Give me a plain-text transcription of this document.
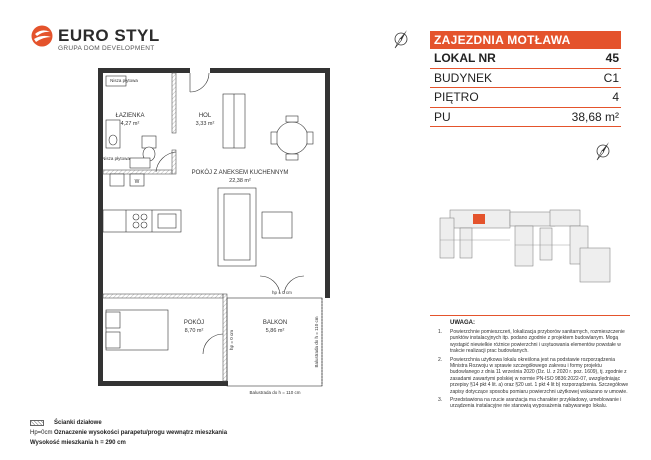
EURO STYL
GRUPA DOM DEVELOPMENT
ZAJEZDNIA MOTŁAWA
LOKAL NR	45
BUDYNEK	C1
PIĘTRO	4
PU	38,68 m²
W
Nisza płytowa
Nisza płytowa
ŁAZIENKA
4,27 m²
HOL
3,33 m²
POKÓJ Z ANEKSEM KUCHENNYM
22,38 m²
POKÓJ
8,70 m²
BALKON
5,86 m²
hp = 0 cm
hp = 0 cm	Balustrada do h = 110 cm
Balustrada do h = 110 cm
UWAGA:
1. Powierzchnie pomieszczeń, lokalizacja przyborów sanitarnych, rozmieszczenie punktów instalacyjnych itp. podano zgodnie z projektem budowlanym. Mogą wystąpić niewielkie różnice powierzchni i usytuowania elementów powstałe w trakcie realizacji prac budowlanych.
2. Powierzchnia użytkowa lokalu określona jest na podstawie rozporządzenia Ministra Rozwoju w sprawie szczegółowego zakresu i formy projektu budowlanego z dnia 11 września 2020 (Dz. U. z 2020 r. poz. 1609), tj. zgodnie z zasadami zawartymi polskiej w normie PN-ISO 9836:2022-07, uwzględniając przepisy §14 pkt 4 lit. a) oraz §20 ust. 1 pkt 4 lit b) rozporządzenia. Szczegółowe zapisy dotyczące sposobu pomiaru powierzchni użytkowej wskazano w umowie.
3. Przedstawiona na rzucie aranżacja ma charakter przykładowy, umeblowanie i urządzenia instalacyjne nie stanowią wyposażenia nabywanego lokalu.
Ścianki działowe
Hp=0cm Oznaczenie wysokości parapetu/progu wewnątrz mieszkania
Wysokość mieszkania h = 290 cm
